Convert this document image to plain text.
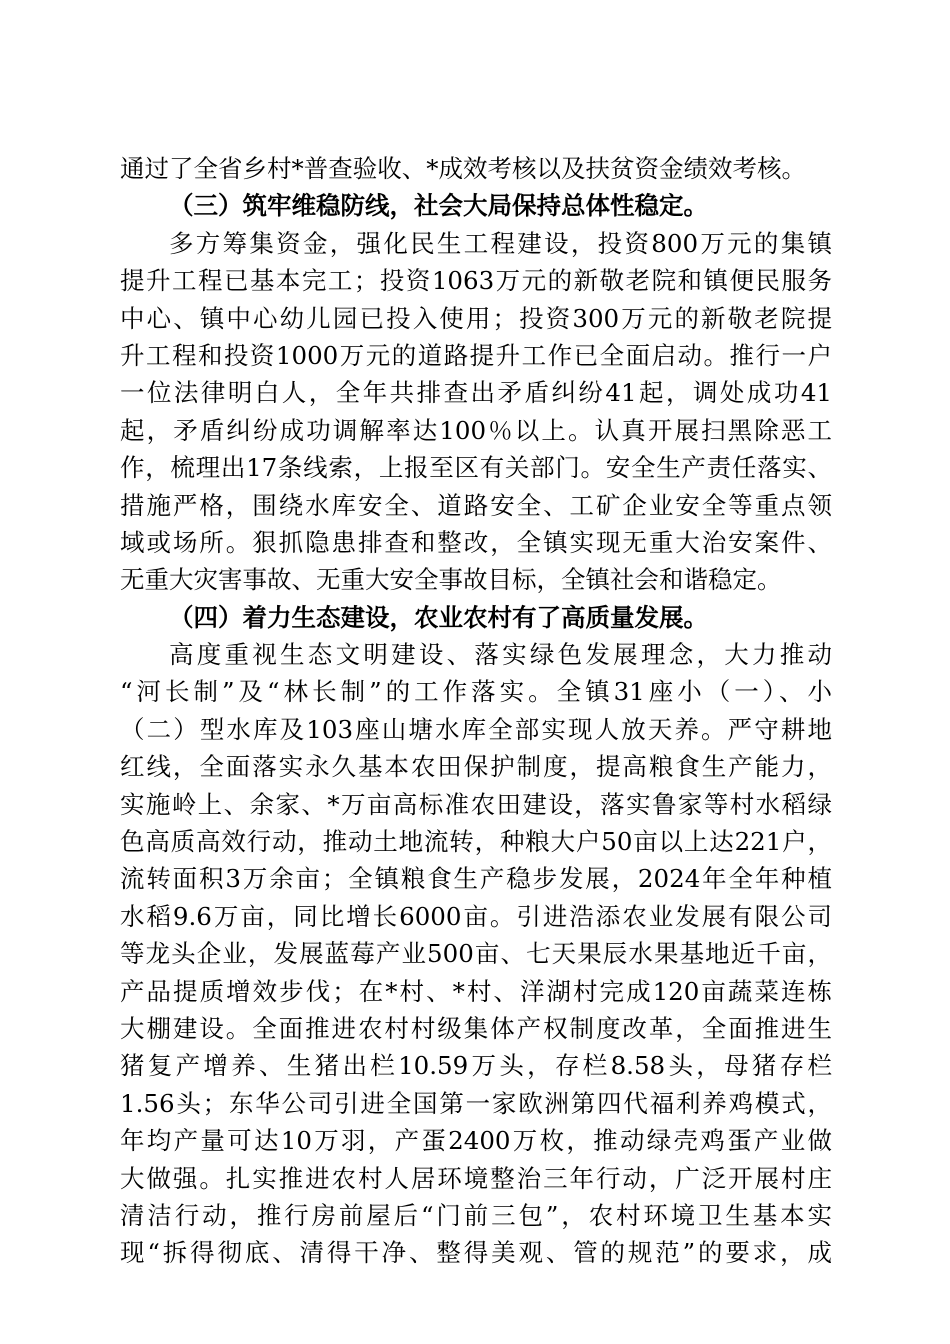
通过了全省乡村*普查验收、*成效考核以及扶贫资金绩效考核。
（三）筑牢维稳防线，社会大局保持总体性稳定。
多方筹集资金，强化民生工程建设，投资800万元的集镇
提升工程已基本完工；投资1063万元的新敬老院和镇便民服务
中心、镇中心幼儿园已投入使用；投资300万元的新敬老院提
升工程和投资1000万元的道路提升工作已全面启动。推行一户
一位法律明白人，全年共排查出矛盾纠纷41起，调处成功41
起，矛盾纠纷成功调解率达100％以上。认真开展扫黑除恶工
作，梳理出17条线索，上报至区有关部门。安全生产责任落实、
措施严格，围绕水库安全、道路安全、工矿企业安全等重点领
域或场所。狠抓隐患排查和整改，全镇实现无重大治安案件、
无重大灾害事故、无重大安全事故目标，全镇社会和谐稳定。
（四）着力生态建设，农业农村有了高质量发展。
高度重视生态文明建设、落实绿色发展理念，大力推动
“河长制”及“林长制”的工作落实。全镇31座小（一）、小
（二）型水库及103座山塘水库全部实现人放天养。严守耕地
红线，全面落实永久基本农田保护制度，提高粮食生产能力，
实施岭上、余家、*万亩高标准农田建设，落实鲁家等村水稻绿
色高质高效行动，推动土地流转，种粮大户50亩以上达221户，
流转面积3万余亩；全镇粮食生产稳步发展，2024年全年种植
水稻9.6万亩，同比增长6000亩。引进浩添农业发展有限公司
等龙头企业，发展蓝莓产业500亩、七天果辰水果基地近千亩，
产品提质增效步伐；在*村、*村、洋湖村完成120亩蔬菜连栋
大棚建设。全面推进农村村级集体产权制度改革，全面推进生
猪复产增养、生猪出栏10.59万头，存栏8.58头，母猪存栏
1.56头；东华公司引进全国第一家欧洲第四代福利养鸡模式，
年均产量可达10万羽，产蛋2400万枚，推动绿壳鸡蛋产业做
大做强。扎实推进农村人居环境整治三年行动，广泛开展村庄
清洁行动，推行房前屋后“门前三包”，农村环境卫生基本实
现“拆得彻底、清得干净、整得美观、管的规范”的要求，成
